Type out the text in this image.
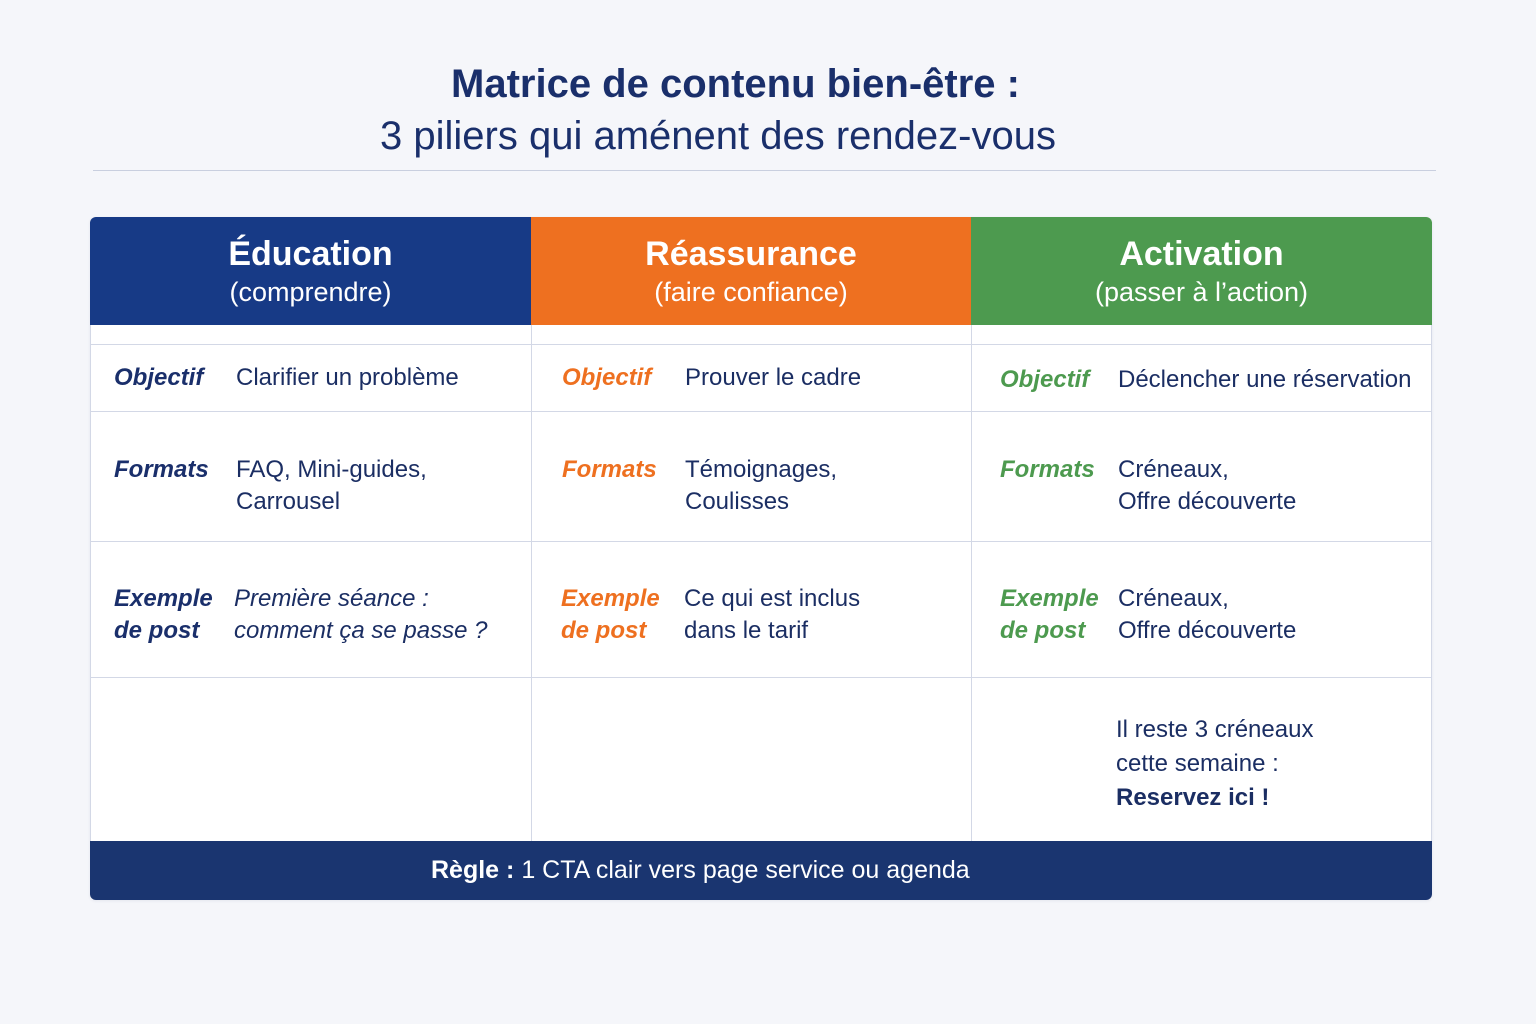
Matrice de contenu bien-être :
3 piliers qui aménent des rendez-vous
Éducation
(comprendre)
Objectif Clarifier un problème
Formats FAQ, Mini-guides,
Carrousel
Exemple
de post
Première séance :
comment ça se passe ?
Réassurance
(faire confiance)
Objectif Prouver le cadre
Formats Témoignages,
Coulisses
Exemple
de post
Ce qui est inclus
dans le tarif
Activation
(passer à l’action)
Objectif Déclencher une réservation
Formats Créneaux,
Offre découverte
Exemple
de post
Créneaux,
Offre découverte
Il reste 3 créneaux
cette semaine :
Reservez ici !
Règle : 1 CTA clair vers page service ou agenda
